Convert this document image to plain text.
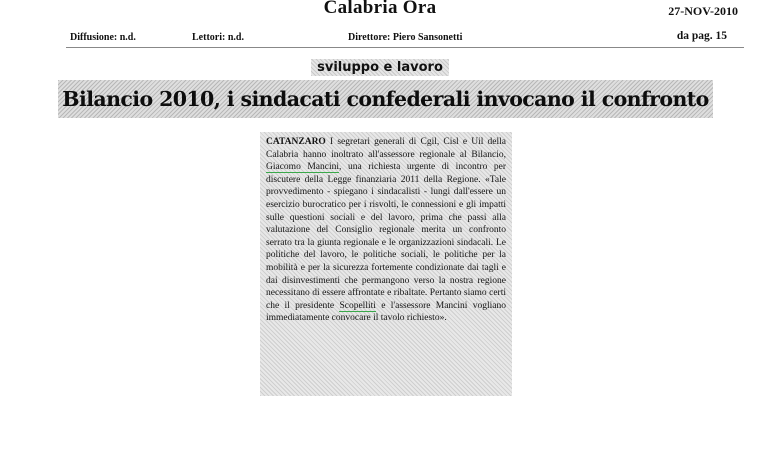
Calabria Ora	27-NOV-2010
Diffusione: n.d.	Lettori: n.d.	Direttore: Piero Sansonetti	da pag. 15
sviluppo e lavoro
Bilancio 2010, i sindacati confederali invocano il confronto
CATANZARO I segretari generali di Cgil, Cisl e Uil della Calabria hanno inoltrato all'assessore regionale al Bilancio, Giacomo Mancini, una richiesta urgente di incontro per discutere della Legge finanziaria 2011 della Regione. «Tale provvedimento - spiegano i sindacalisti - lungi dall'essere un esercizio burocratico per i risvolti, le connessioni e gli impatti sulle questioni sociali e del lavoro, prima che passi alla valutazione del Consiglio regionale merita un confronto serrato tra la giunta regionale e le organizzazioni sindacali. Le politiche del lavoro, le politiche sociali, le politiche per la mobilità e per la sicurezza fortemente condizionate dai tagli e dai disinvestimenti che permangono verso la nostra regione necessitano di essere affrontate e ribaltate. Pertanto siamo certi che il presidente Scopelliti e l'assessore Mancini vogliano immediatamente convocare il tavolo richiesto».
